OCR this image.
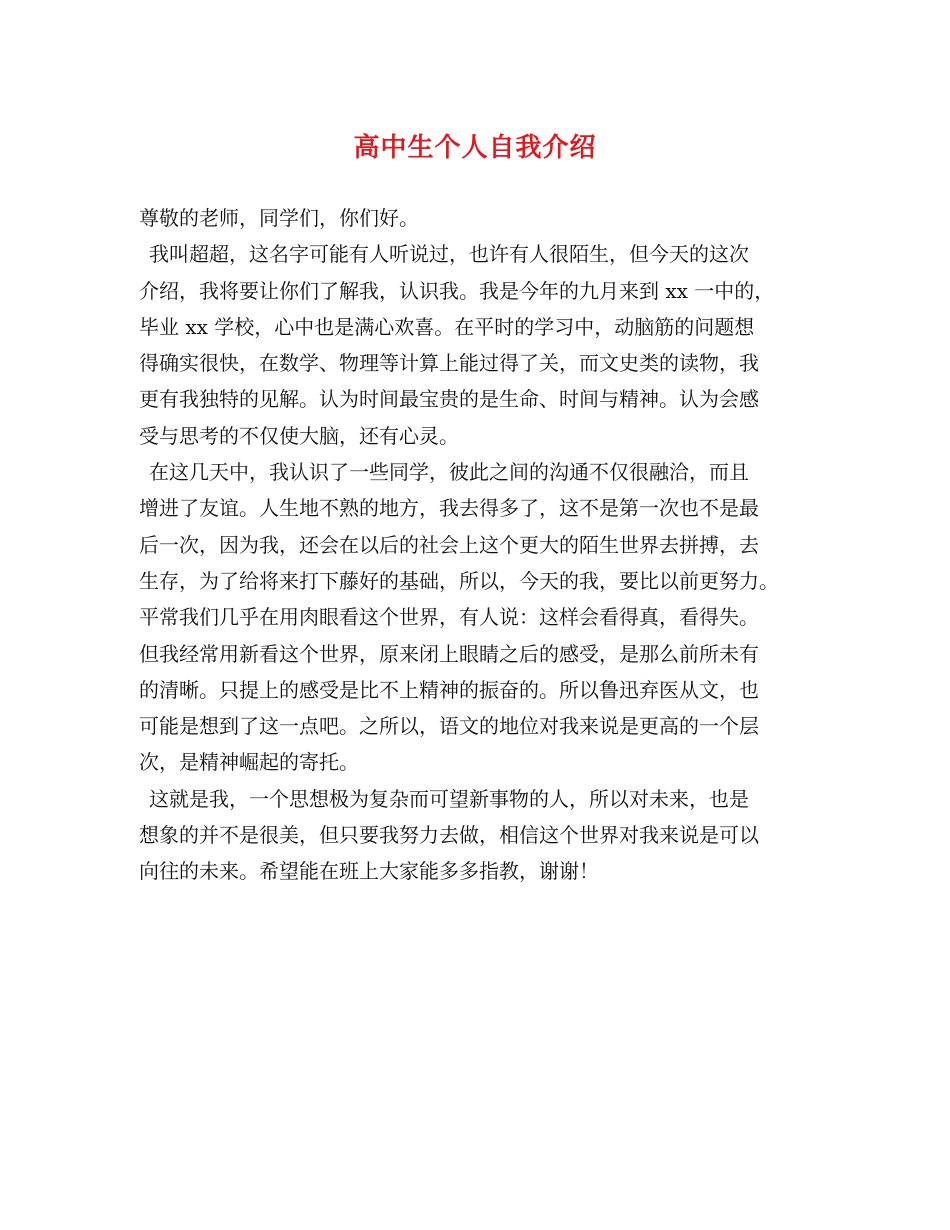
高中生个人自我介绍
尊敬的老师，同学们，你们好。
我叫超超，这名字可能有人听说过，也许有人很陌生，但今天的这次
介绍，我将要让你们了解我，认识我。我是今年的九月来到 xx 一中的，
毕业 xx 学校，心中也是满心欢喜。在平时的学习中，动脑筋的问题想
得确实很快，在数学、物理等计算上能过得了关，而文史类的读物，我
更有我独特的见解。认为时间最宝贵的是生命、时间与精神。认为会感
受与思考的不仅使大脑，还有心灵。
在这几天中，我认识了一些同学，彼此之间的沟通不仅很融洽，而且
增进了友谊。人生地不熟的地方，我去得多了，这不是第一次也不是最
后一次，因为我，还会在以后的社会上这个更大的陌生世界去拼搏，去
生存，为了给将来打下藤好的基础，所以，今天的我，要比以前更努力。
平常我们几乎在用肉眼看这个世界，有人说：这样会看得真，看得失。
但我经常用新看这个世界，原来闭上眼睛之后的感受，是那么前所未有
的清晰。只提上的感受是比不上精神的振奋的。所以鲁迅弃医从文，也
可能是想到了这一点吧。之所以，语文的地位对我来说是更高的一个层
次，是精神崛起的寄托。
这就是我，一个思想极为复杂而可望新事物的人，所以对未来，也是
想象的并不是很美，但只要我努力去做，相信这个世界对我来说是可以
向往的未来。希望能在班上大家能多多指教，谢谢！
